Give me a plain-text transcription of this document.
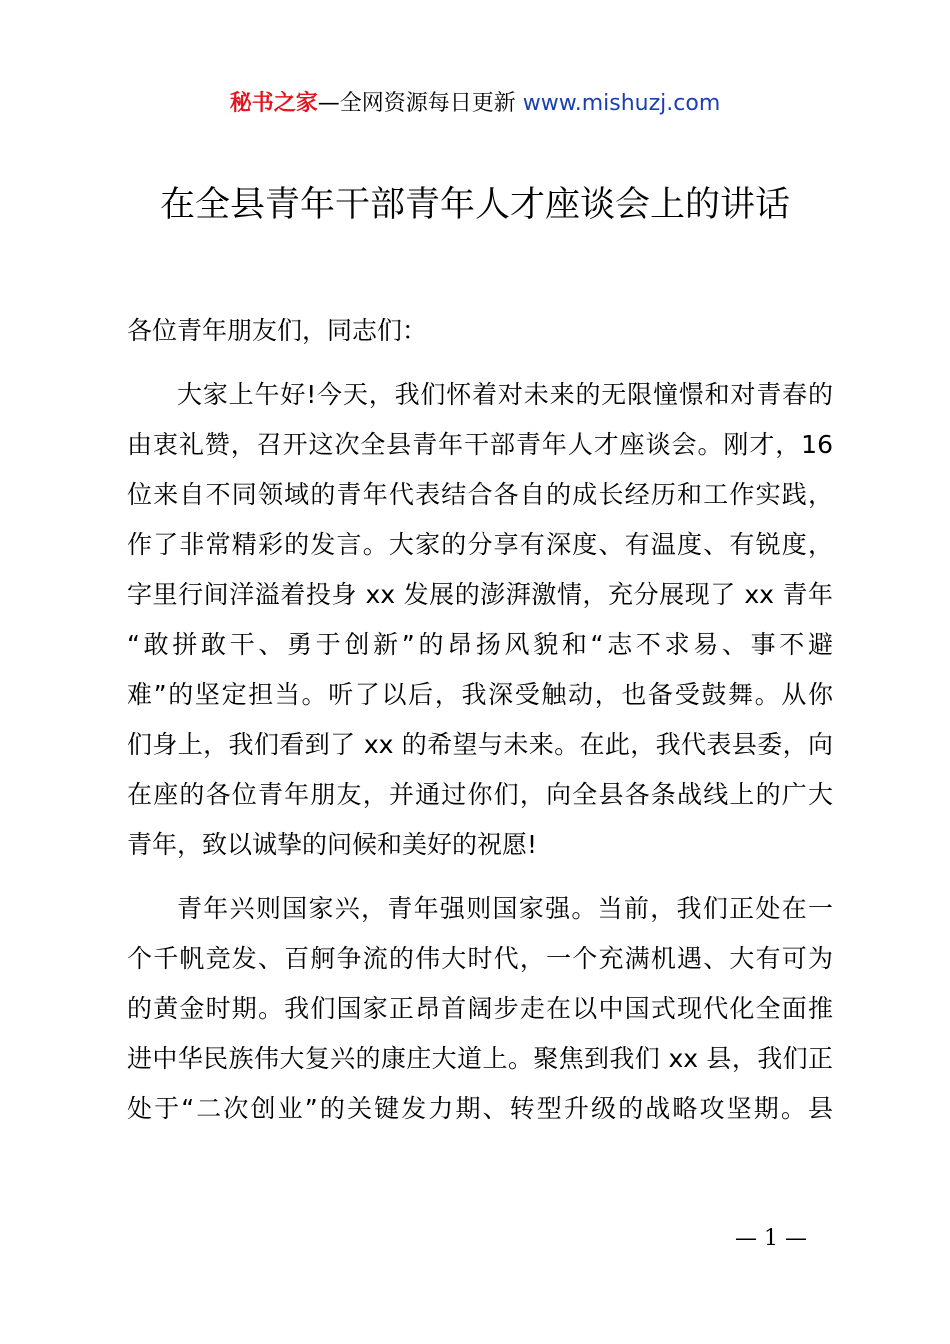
秘书之家—全网资源每日更新 www.mishuzj.com
在全县青年干部青年人才座谈会上的讲话
各位青年朋友们，同志们：
大家上午好!今天，我们怀着对未来的无限憧憬和对青春的
由衷礼赞，召开这次全县青年干部青年人才座谈会。刚才，16
位来自不同领域的青年代表结合各自的成长经历和工作实践，
作了非常精彩的发言。大家的分享有深度、有温度、有锐度，
字里行间洋溢着投身 xx 发展的澎湃激情，充分展现了 xx 青年
“敢拼敢干、勇于创新”的昂扬风貌和“志不求易、事不避
难”的坚定担当。听了以后，我深受触动，也备受鼓舞。从你
们身上，我们看到了 xx 的希望与未来。在此，我代表县委，向
在座的各位青年朋友，并通过你们，向全县各条战线上的广大
青年，致以诚挚的问候和美好的祝愿!
青年兴则国家兴，青年强则国家强。当前，我们正处在一
个千帆竞发、百舸争流的伟大时代，一个充满机遇、大有可为
的黄金时期。我们国家正昂首阔步走在以中国式现代化全面推
进中华民族伟大复兴的康庄大道上。聚焦到我们 xx 县，我们正
处于“二次创业”的关键发力期、转型升级的战略攻坚期。县
— 1 —
